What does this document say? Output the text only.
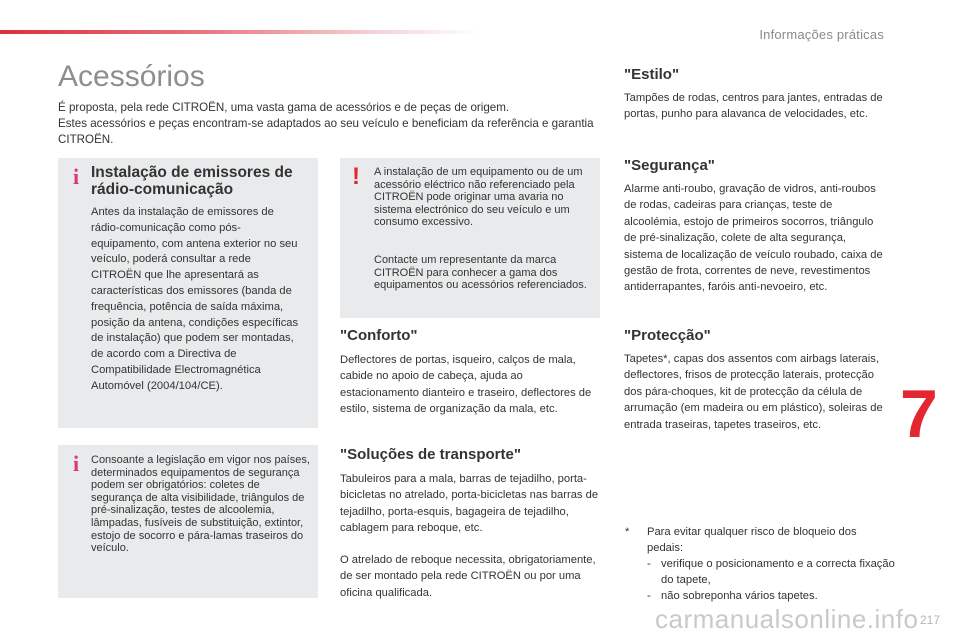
Informações práticas
Acessórios

É proposta, pela rede CITROËN, uma vasta gama de acessórios e de peças de origem.

Estes acessórios e peças encontram-se adaptados ao seu veículo e beneficiam da referência e garantia CITROËN.

i Instalação de emissores de rádio-comunicação

Antes da instalação de emissores de rádio-comunicação como pós-equipamento, com antena exterior no seu veículo, poderá consultar a rede CITROËN que lhe apresentará as características dos emissores (banda de frequência, potência de saída máxima, posição da antena, condições específicas de instalação) que podem ser montadas, de acordo com a Directiva de Compatibilidade Electromagnética Automóvel (2004/104/CE).

! A instalação de um equipamento ou de um acessório eléctrico não referenciado pela CITROËN pode originar uma avaria no sistema electrónico do seu veículo e um consumo excessivo.

Contacte um representante da marca CITROËN para conhecer a gama dos equipamentos ou acessórios referenciados.

i Consoante a legislação em vigor nos países, determinados equipamentos de segurança podem ser obrigatórios: coletes de segurança de alta visibilidade, triângulos de pré-sinalização, testes de alcoolemia, lâmpadas, fusíveis de substituição, extintor, estojo de socorro e pára-lamas traseiros do veículo.

"Conforto"

Deflectores de portas, isqueiro, calços de mala, cabide no apoio de cabeça, ajuda ao estacionamento dianteiro e traseiro, deflectores de estilo, sistema de organização da mala, etc.

"Soluções de transporte"

Tabuleiros para a mala, barras de tejadilho, porta-bicicletas no atrelado, porta-bicicletas nas barras de tejadilho, porta-esquis, bagageira de tejadilho, cablagem para reboque, etc.

O atrelado de reboque necessita, obrigatoriamente, de ser montado pela rede CITROËN ou por uma oficina qualificada.

"Estilo"

Tampões de rodas, centros para jantes, entradas de portas, punho para alavanca de velocidades, etc.

"Segurança"

Alarme anti-roubo, gravação de vidros, anti-roubos de rodas, cadeiras para crianças, teste de alcoolémia, estojo de primeiros socorros, triângulo de pré-sinalização, colete de alta segurança, sistema de localização de veículo roubado, caixa de gestão de frota, correntes de neve, revestimentos antiderrapantes, faróis anti-nevoeiro, etc.

"Protecção"

Tapetes*, capas dos assentos com airbags laterais, deflectores, frisos de protecção laterais, protecção dos pára-choques, kit de protecção da célula de arrumação (em madeira ou em plástico), soleiras de entrada traseiras, tapetes traseiros, etc.

* Para evitar qualquer risco de bloqueio dos pedais:
- verifique o posicionamento e a correcta fixação do tapete,
- não sobreponha vários tapetes.
7
carmanualsonline.info 217
